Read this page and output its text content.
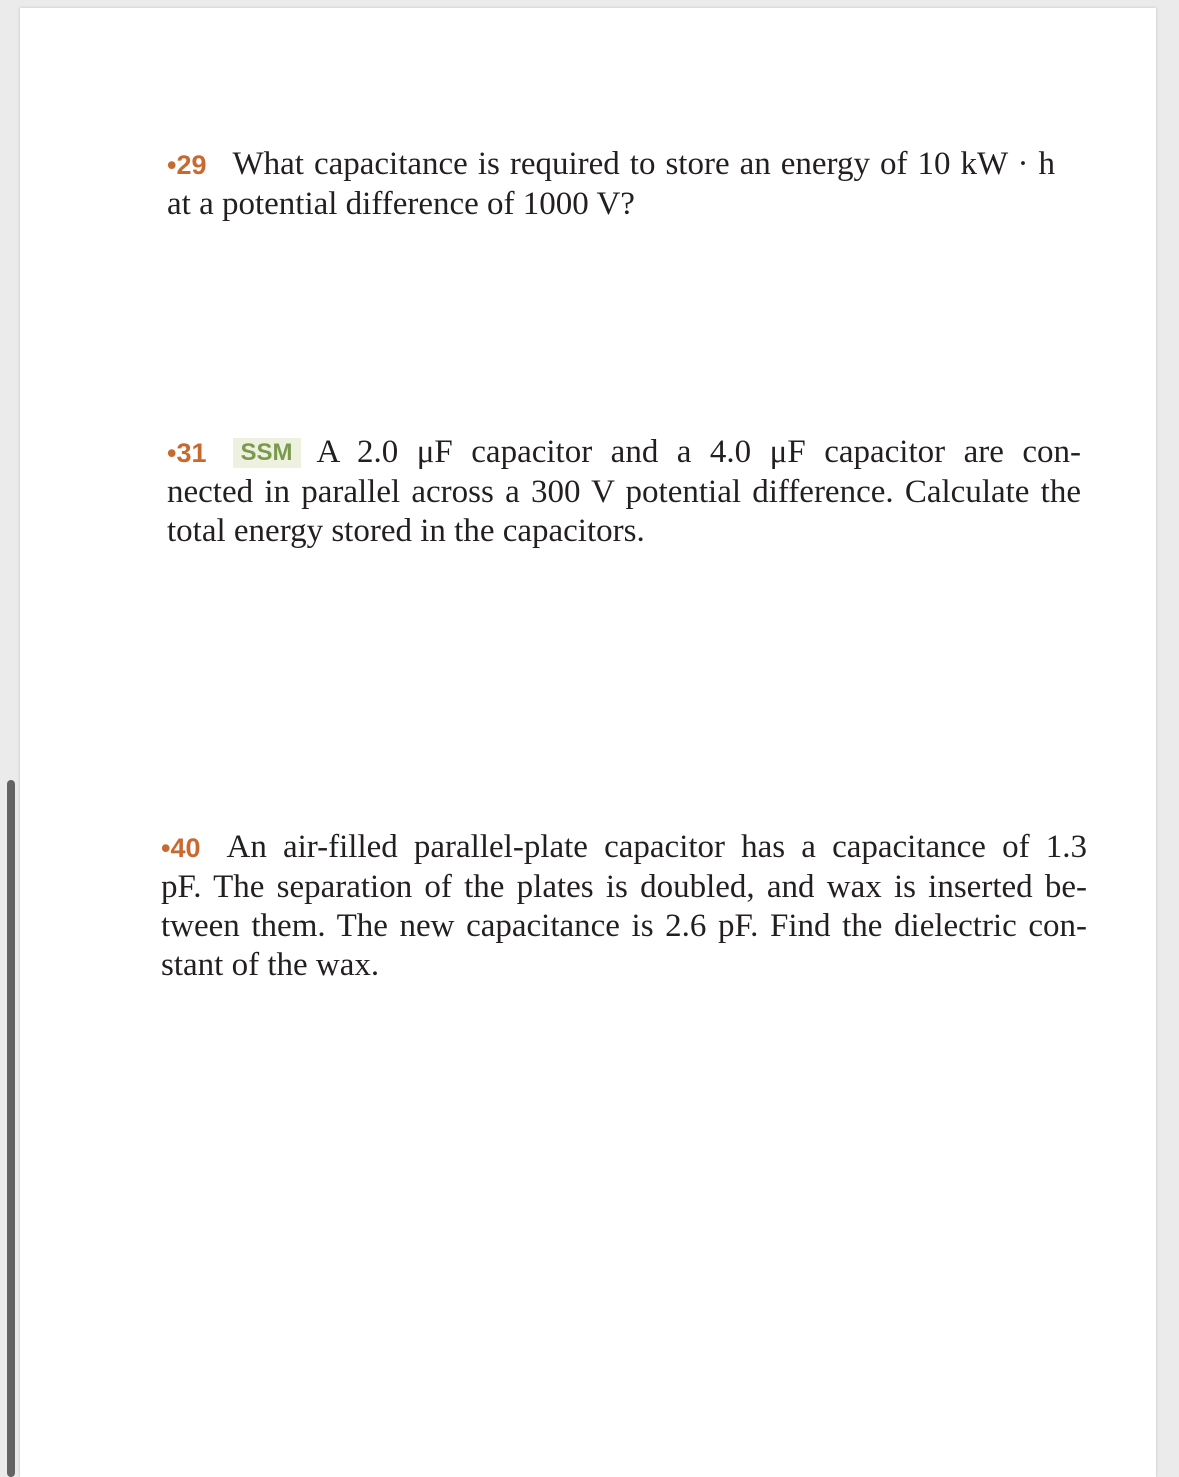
•29 What capacitance is required to store an energy of 10 kW · h
at a potential difference of 1000 V?
•31 SSM A 2.0 μF capacitor and a 4.0 μF capacitor are con-
nected in parallel across a 300 V potential difference. Calculate the
total energy stored in the capacitors.
•40 An air-filled parallel-plate capacitor has a capacitance of 1.3
pF. The separation of the plates is doubled, and wax is inserted be-
tween them. The new capacitance is 2.6 pF. Find the dielectric con-
stant of the wax.
